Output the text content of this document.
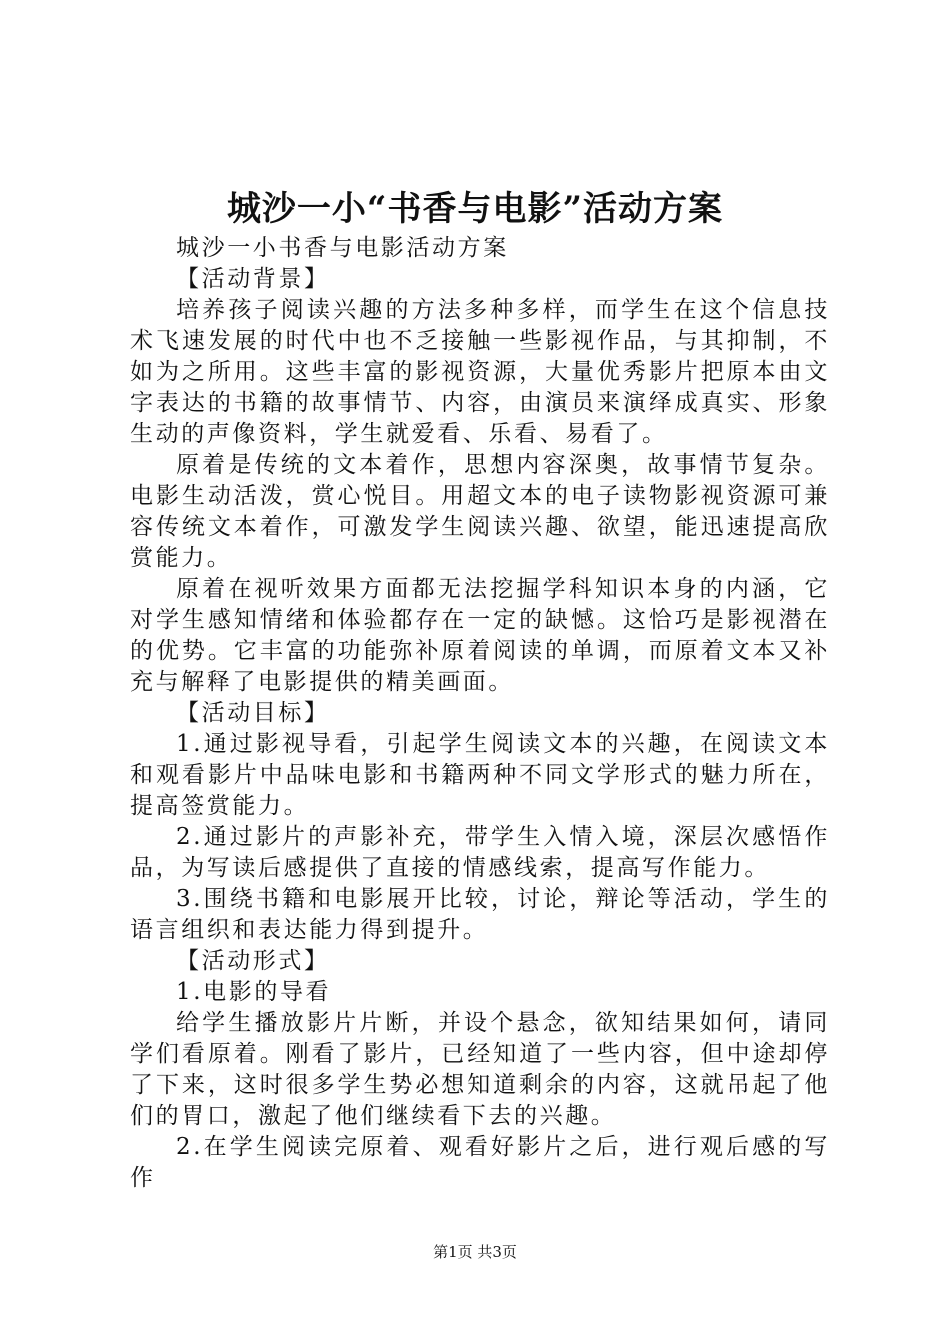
城沙一小“书香与电影”活动方案

城沙一小书香与电影活动方案

【活动背景】

培养孩子阅读兴趣的方法多种多样，而学生在这个信息技术飞速发展的时代中也不乏接触一些影视作品，与其抑制，不如为之所用。这些丰富的影视资源，大量优秀影片把原本由文字表达的书籍的故事情节、内容，由演员来演绎成真实、形象生动的声像资料，学生就爱看、乐看、易看了。

原着是传统的文本着作，思想内容深奥，故事情节复杂。电影生动活泼，赏心悦目。用超文本的电子读物影视资源可兼容传统文本着作，可激发学生阅读兴趣、欲望，能迅速提高欣赏能力。

原着在视听效果方面都无法挖掘学科知识本身的内涵，它对学生感知情绪和体验都存在一定的缺憾。这恰巧是影视潜在的优势。它丰富的功能弥补原着阅读的单调，而原着文本又补充与解释了电影提供的精美画面。

【活动目标】

1.通过影视导看，引起学生阅读文本的兴趣，在阅读文本和观看影片中品味电影和书籍两种不同文学形式的魅力所在，提高签赏能力。

2.通过影片的声影补充，带学生入情入境，深层次感悟作品，为写读后感提供了直接的情感线索，提高写作能力。

3.围绕书籍和电影展开比较，讨论，辩论等活动，学生的语言组织和表达能力得到提升。

【活动形式】

1.电影的导看

给学生播放影片片断，并设个悬念，欲知结果如何，请同学们看原着。刚看了影片，已经知道了一些内容，但中途却停了下来，这时很多学生势必想知道剩余的内容，这就吊起了他们的胃口，激起了他们继续看下去的兴趣。

2.在学生阅读完原着、观看好影片之后，进行观后感的写作

第1页 共3页
